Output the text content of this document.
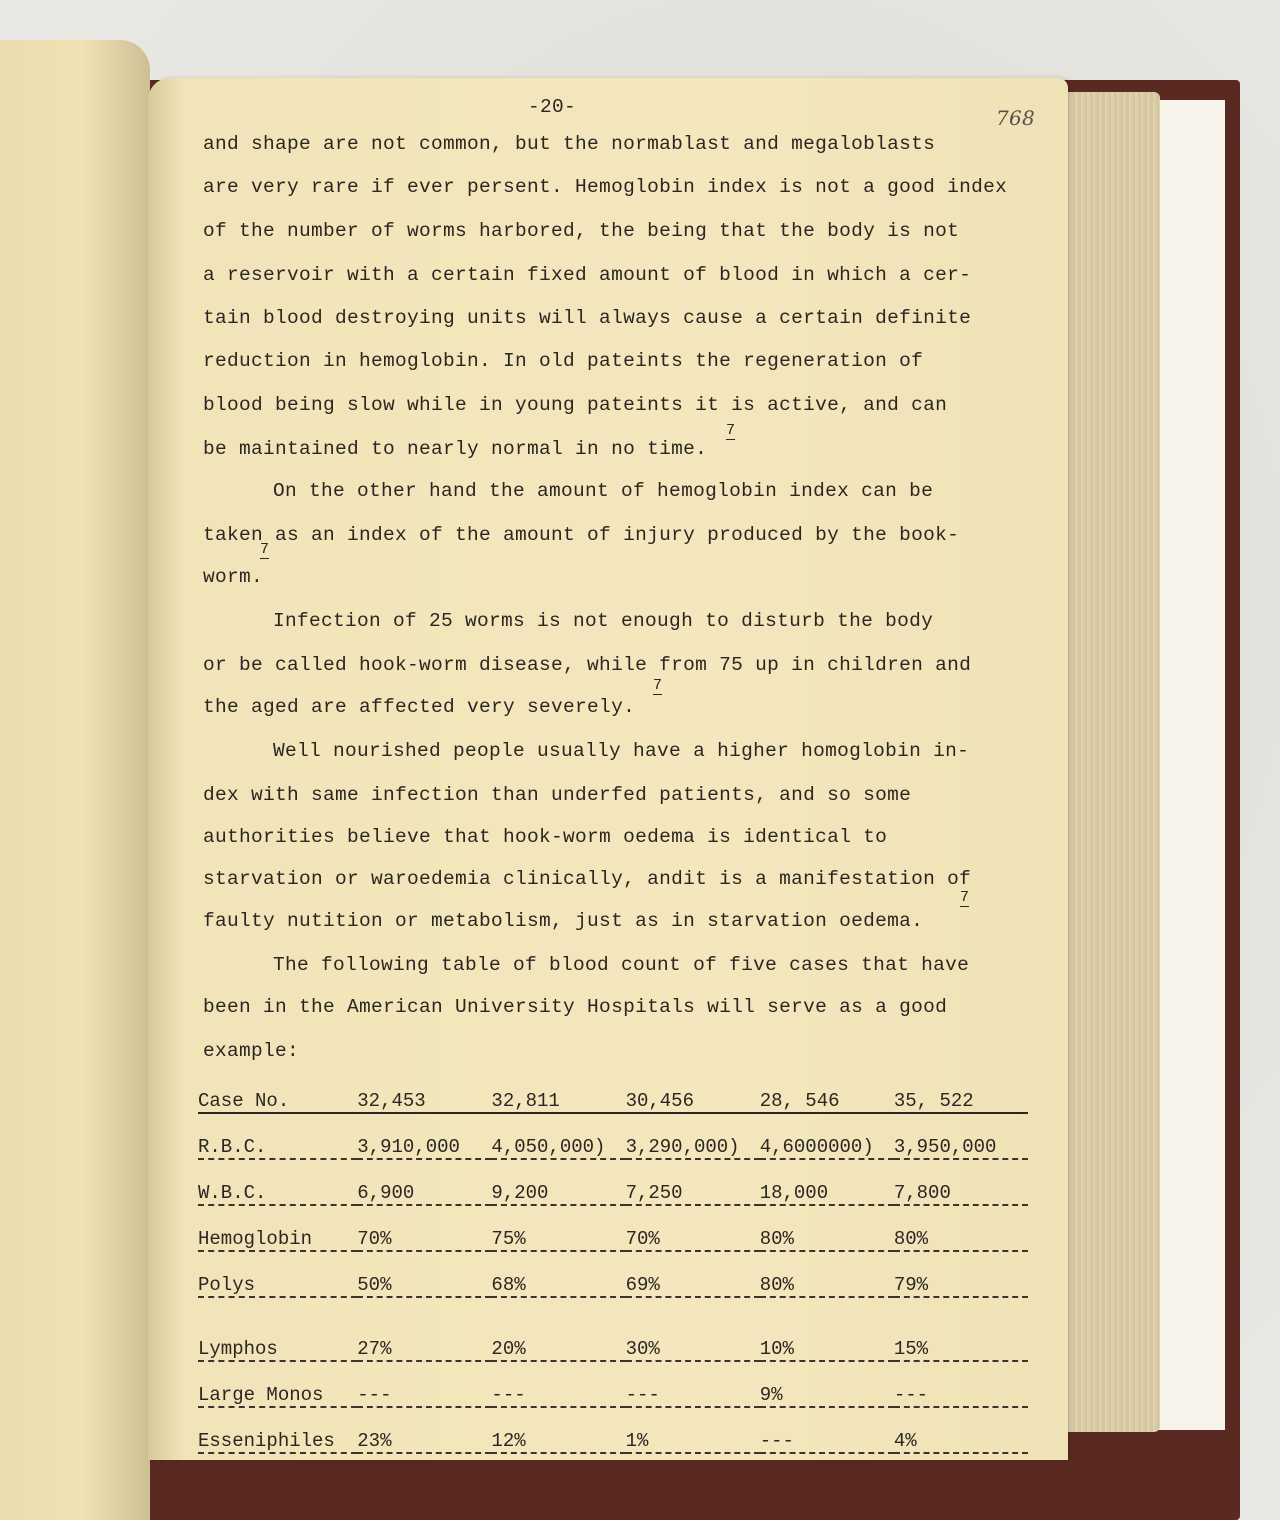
-20-	768
and shape are not common, but the normablast and megaloblasts
are very rare if ever persent. Hemoglobin index is not a good index
of the number of worms harbored, the being that the body is not
a reservoir with a certain fixed amount of blood in which a cer-
tain blood destroying units will always cause a certain definite
reduction in hemoglobin. In old pateints the regeneration of
blood being slow while in young pateints it is active, and can
be maintained to nearly normal in no time.
7
On the other hand the amount of hemoglobin index can be
taken as an index of the amount of injury produced by the book-
worm.
7
Infection of 25 worms is not enough to disturb the body
or be called hook-worm disease, while from 75 up in children and
the aged are affected very severely.
7
Well nourished people usually have a higher homoglobin in-
dex with same infection than underfed patients, and so some
authorities believe that hook-worm oedema is identical to
starvation or waroedemia clinically, andit is a manifestation of
faulty nutition or metabolism, just as in starvation oedema.
7
The following table of blood count of five cases that have
been in the American University Hospitals will serve as a good
example:
Case No.	32,453	32,811	30,456	28, 546	35, 522
R.B.C.	3,910,000	4,050,000)	3,290,000)	4,6000000)	3,950,000
W.B.C.	6,900	9,200	7,250	18,000	7,800
Hemoglobin	70%	75%	70%	80%	80%
Polys	50%	68%	69%	80%	79%
Lymphos	27%	20%	30%	10%	15%
Large Monos	---	---	---	9%	---
Esseniphiles	23%	12%	1%	---	4%
